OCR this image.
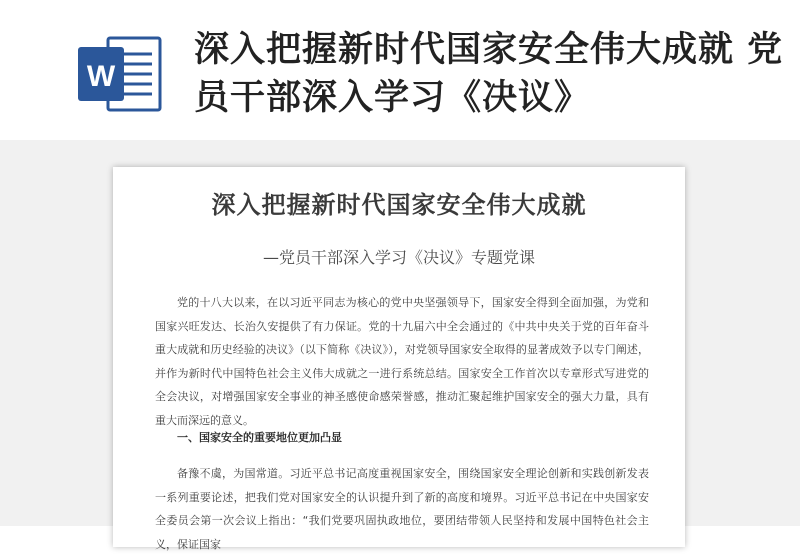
W
深入把握新时代国家安全伟大成就 党员干部深入学习《决议》
深入把握新时代国家安全伟大成就

—党员干部深入学习《决议》专题党课

党的十八大以来，在以习近平同志为核心的党中央坚强领导下，国家安全得到全面加强，为党和国家兴旺发达、长治久安提供了有力保证。党的十九届六中全会通过的《中共中央关于党的百年奋斗重大成就和历史经验的决议》（以下简称《决议》），对党领导国家安全取得的显著成效予以专门阐述，并作为新时代中国特色社会主义伟大成就之一进行系统总结。国家安全工作首次以专章形式写进党的全会决议，对增强国家安全事业的神圣感使命感荣誉感，推动汇聚起维护国家安全的强大力量，具有重大而深远的意义。

一、国家安全的重要地位更加凸显

备豫不虞，为国常道。习近平总书记高度重视国家安全，围绕国家安全理论创新和实践创新发表一系列重要论述，把我们党对国家安全的认识提升到了新的高度和境界。习近平总书记在中央国家安全委员会第一次会议上指出：“我们党要巩固执政地位，要团结带领人民坚持和发展中国特色社会主义，保证国家
